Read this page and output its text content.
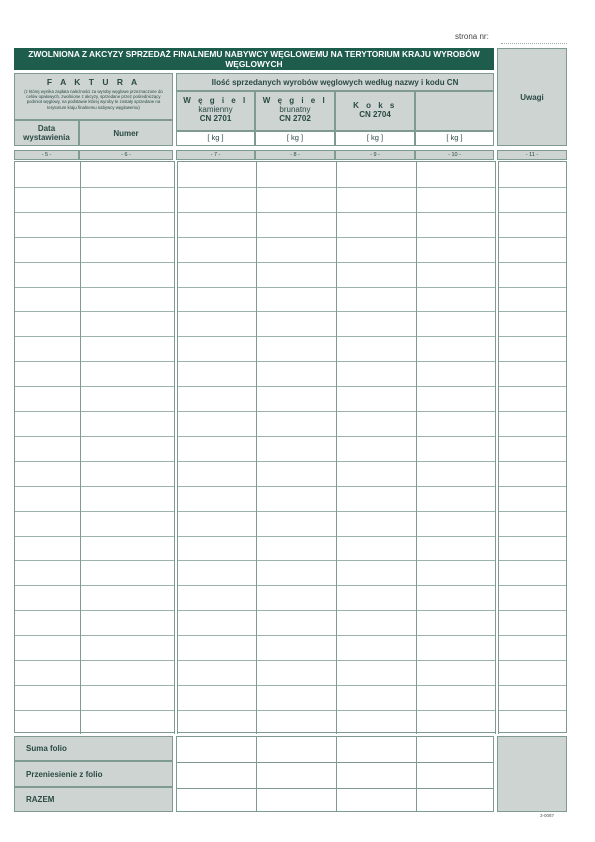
strona nr:
ZWOLNIONA Z AKCYZY SPRZEDAŻ FINALNEMU NABYWCY WĘGLOWEMU NA TERYTORIUM KRAJU WYROBÓW WĘGLOWYCH
F A K T U R A
(z której wynika zapłata należności za wyroby węglowe przeznaczone do celów opałowych, zwolnione z akcyzy, sprzedane przez pośredniczący podmiot węglowy, na podstawie której wyroby te zostały sprzedane na terytorium kraju finalnemu nabywcy węglowemu)
Data wystawienia	Numer
Ilość sprzedanych wyrobów węglowych według nazwy i kodu CN
W ę g i e l
kamienny
CN 2701
W ę g i e l
brunatny
CN 2702
K o k s
CN 2704
[ kg ]	[ kg ]	[ kg ]	[ kg ]
Uwagi
- 5 -	- 6 -	- 7 -	- 8 -	- 9 -	- 10 -	- 11 -
Suma folio
Przeniesienie z folio
RAZEM
3-0087
